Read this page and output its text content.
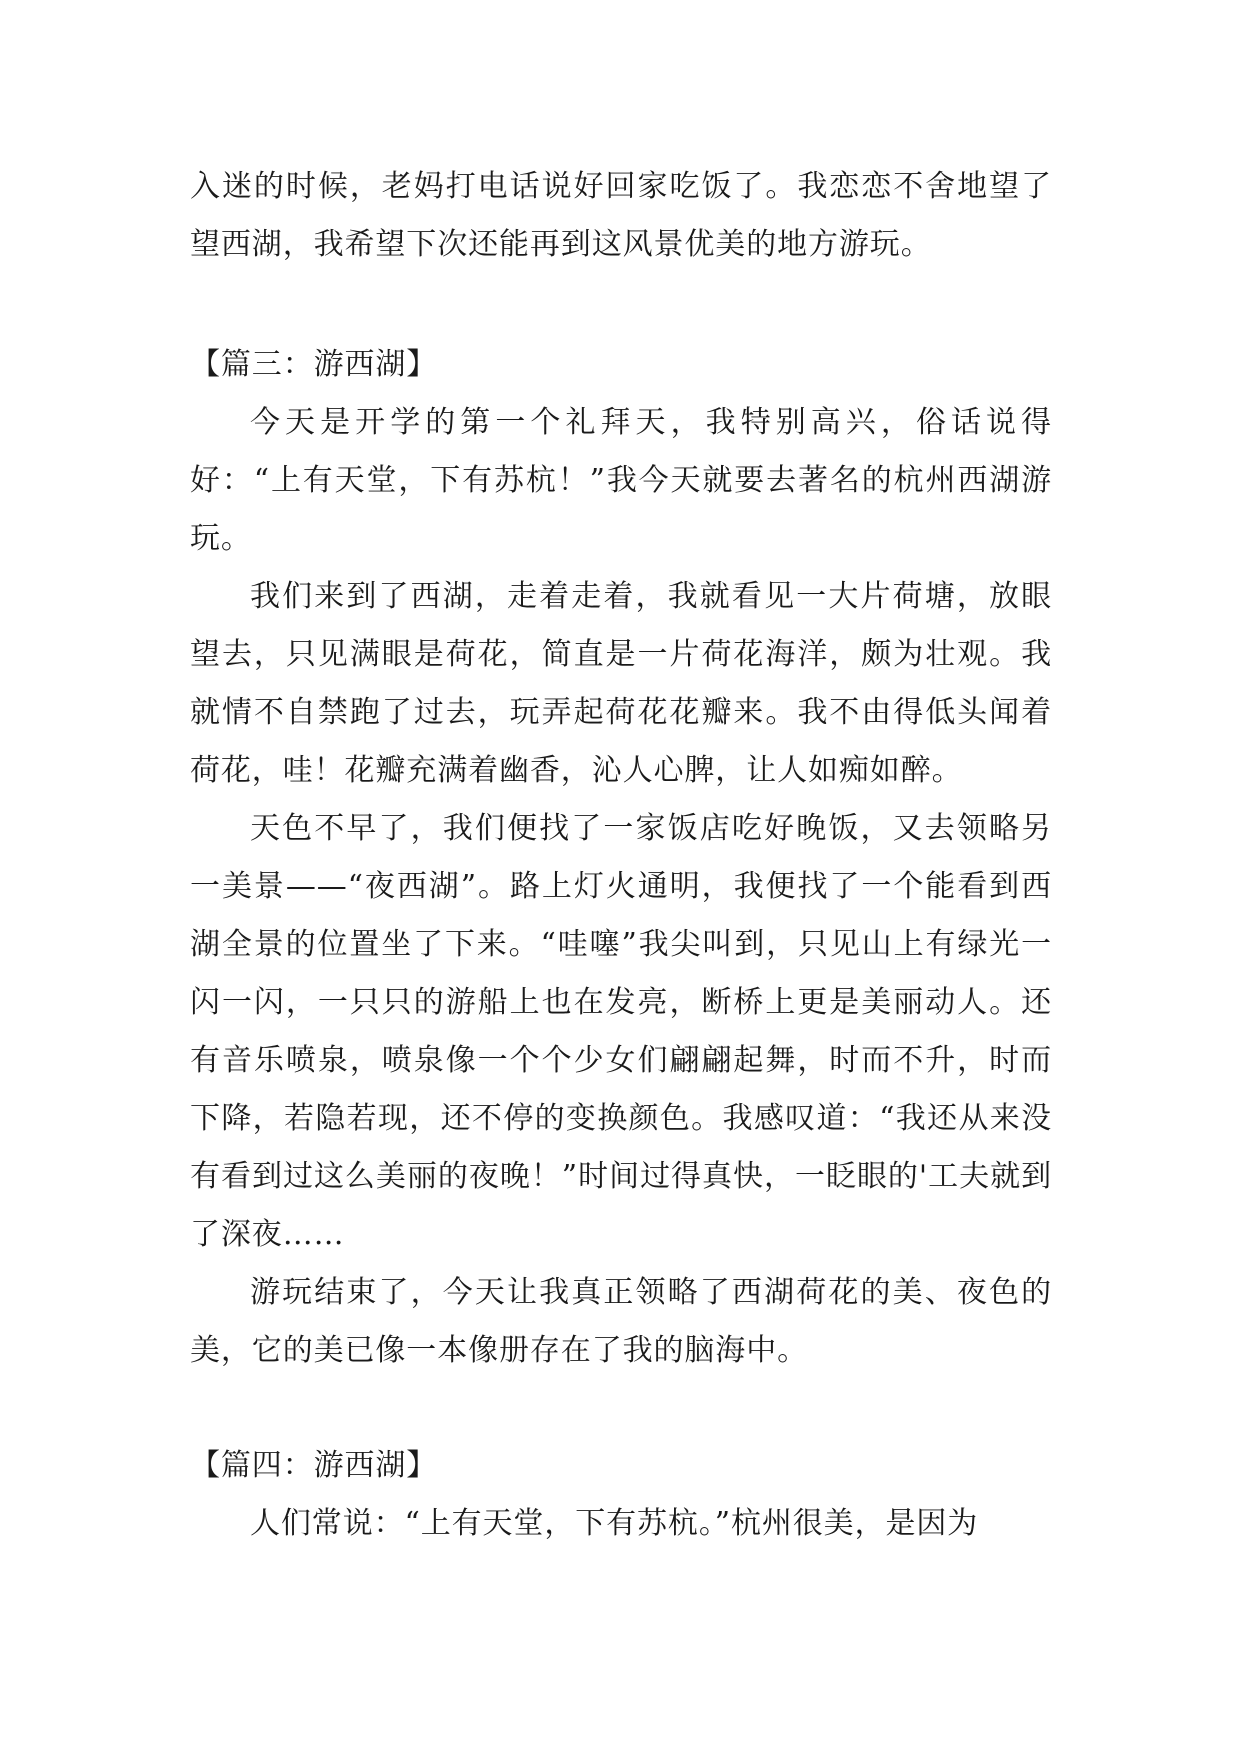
入迷的时候，老妈打电话说好回家吃饭了。我恋恋不舍地望了望西湖，我希望下次还能再到这风景优美的地方游玩。

【篇三：游西湖】

今天是开学的第一个礼拜天，我特别高兴，俗话说得好：“上有天堂，下有苏杭！”我今天就要去著名的杭州西湖游玩。

我们来到了西湖，走着走着，我就看见一大片荷塘，放眼望去，只见满眼是荷花，简直是一片荷花海洋，颇为壮观。我就情不自禁跑了过去，玩弄起荷花花瓣来。我不由得低头闻着荷花，哇！花瓣充满着幽香，沁人心脾，让人如痴如醉。

天色不早了，我们便找了一家饭店吃好晚饭，又去领略另一美景——“夜西湖”。路上灯火通明，我便找了一个能看到西湖全景的位置坐了下来。“哇噻”我尖叫到，只见山上有绿光一闪一闪，一只只的游船上也在发亮，断桥上更是美丽动人。还有音乐喷泉，喷泉像一个个少女们翩翩起舞，时而不升，时而下降，若隐若现，还不停的变换颜色。我感叹道：“我还从来没有看到过这么美丽的夜晚！”时间过得真快，一眨眼的'工夫就到了深夜……

游玩结束了，今天让我真正领略了西湖荷花的美、夜色的美，它的美已像一本像册存在了我的脑海中。

【篇四：游西湖】

人们常说：“上有天堂，下有苏杭。”杭州很美，是因为
